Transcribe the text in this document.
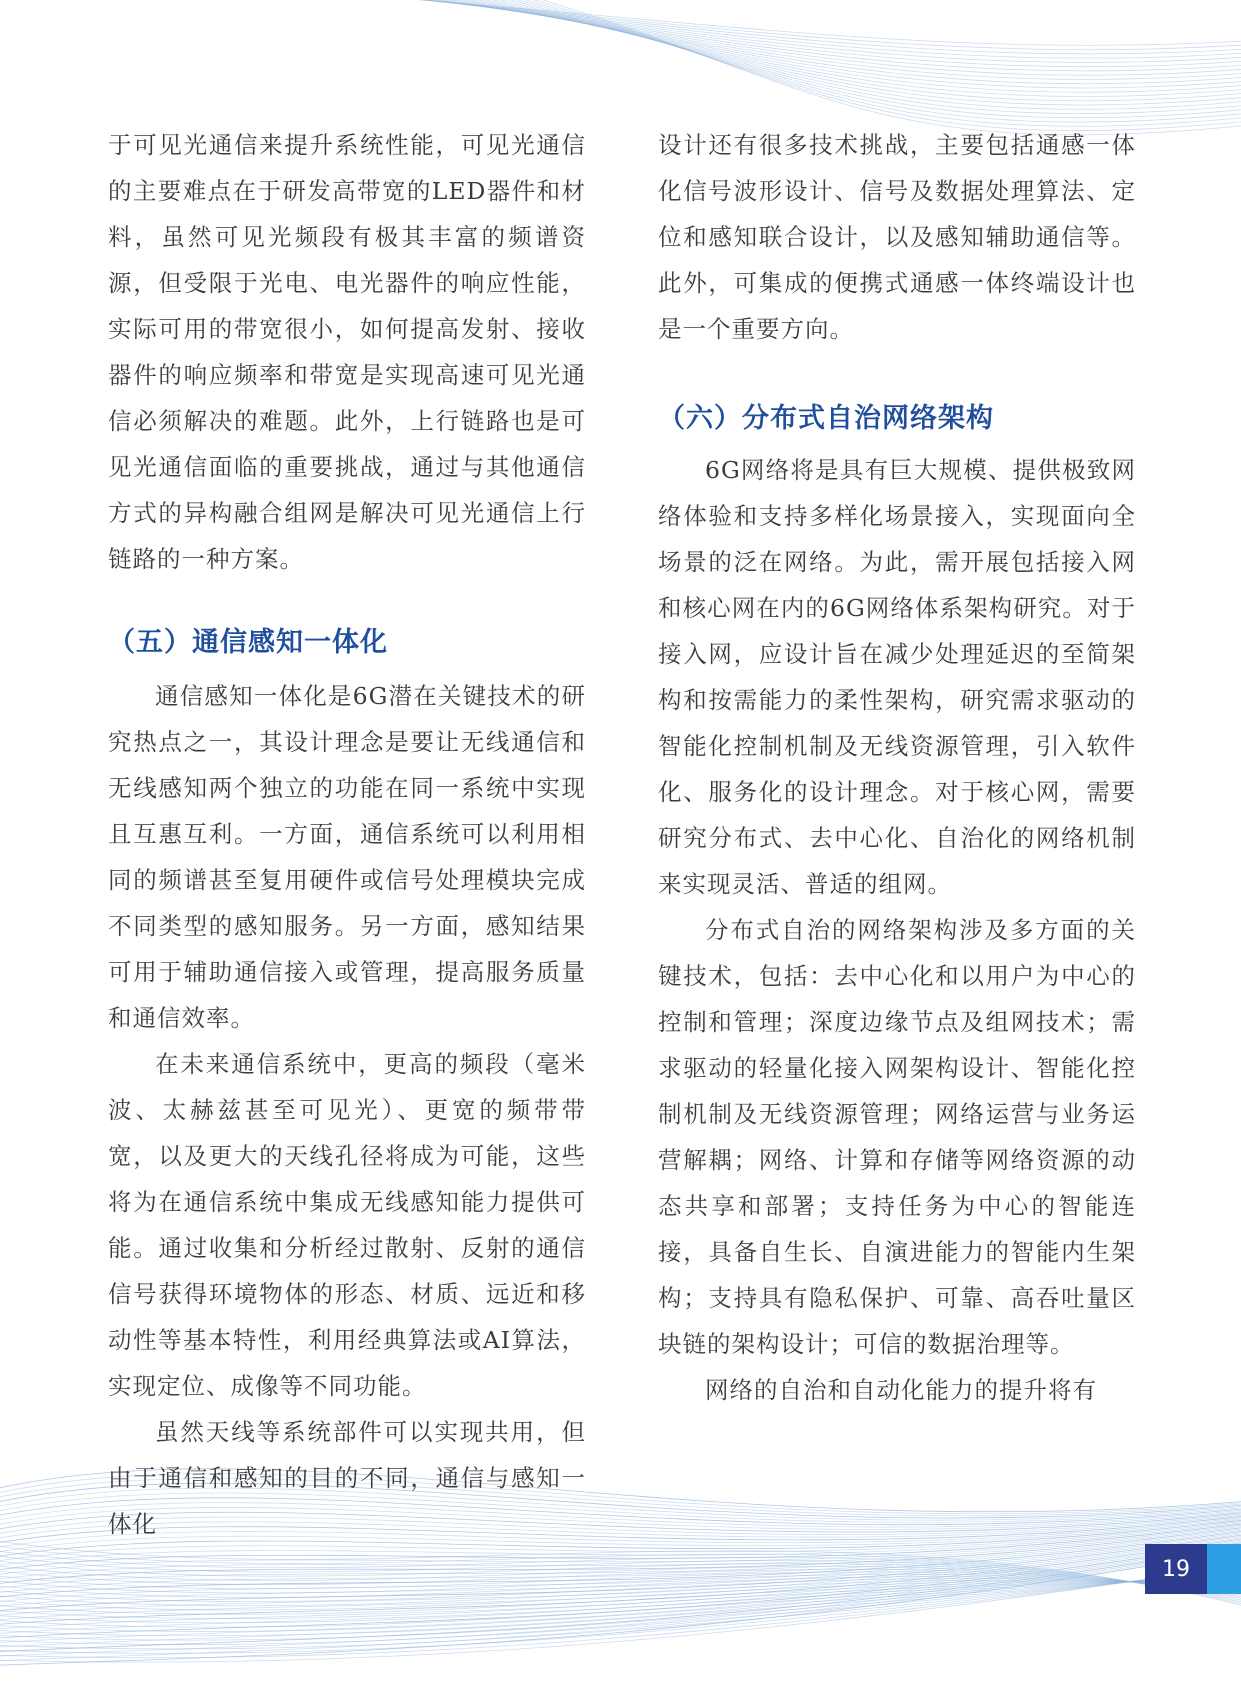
于可见光通信来提升系统性能，可见光通信的主要难点在于研发高带宽的LED器件和材料，虽然可见光频段有极其丰富的频谱资源，但受限于光电、电光器件的响应性能，实际可用的带宽很小，如何提高发射、接收器件的响应频率和带宽是实现高速可见光通信必须解决的难题。此外，上行链路也是可见光通信面临的重要挑战，通过与其他通信方式的异构融合组网是解决可见光通信上行链路的一种方案。

（五）通信感知一体化

通信感知一体化是6G潜在关键技术的研究热点之一，其设计理念是要让无线通信和无线感知两个独立的功能在同一系统中实现且互惠互利。一方面，通信系统可以利用相同的频谱甚至复用硬件或信号处理模块完成不同类型的感知服务。另一方面，感知结果可用于辅助通信接入或管理，提高服务质量和通信效率。

在未来通信系统中，更高的频段（毫米波、太赫兹甚至可见光）、更宽的频带带宽，以及更大的天线孔径将成为可能，这些将为在通信系统中集成无线感知能力提供可能。通过收集和分析经过散射、反射的通信信号获得环境物体的形态、材质、远近和移动性等基本特性，利用经典算法或AI算法，实现定位、成像等不同功能。

虽然天线等系统部件可以实现共用，但由于通信和感知的目的不同，通信与感知一体化

设计还有很多技术挑战，主要包括通感一体化信号波形设计、信号及数据处理算法、定位和感知联合设计，以及感知辅助通信等。此外，可集成的便携式通感一体终端设计也是一个重要方向。

（六）分布式自治网络架构

6G网络将是具有巨大规模、提供极致网络体验和支持多样化场景接入，实现面向全场景的泛在网络。为此，需开展包括接入网和核心网在内的6G网络体系架构研究。对于接入网，应设计旨在减少处理延迟的至简架构和按需能力的柔性架构，研究需求驱动的智能化控制机制及无线资源管理，引入软件化、服务化的设计理念。对于核心网，需要研究分布式、去中心化、自治化的网络机制来实现灵活、普适的组网。

分布式自治的网络架构涉及多方面的关键技术，包括：去中心化和以用户为中心的控制和管理；深度边缘节点及组网技术；需求驱动的轻量化接入网架构设计、智能化控制机制及无线资源管理；网络运营与业务运营解耦；网络、计算和存储等网络资源的动态共享和部署；支持任务为中心的智能连接，具备自生长、自演进能力的智能内生架构；支持具有隐私保护、可靠、高吞吐量区块链的架构设计；可信的数据治理等。

网络的自治和自动化能力的提升将有

19
